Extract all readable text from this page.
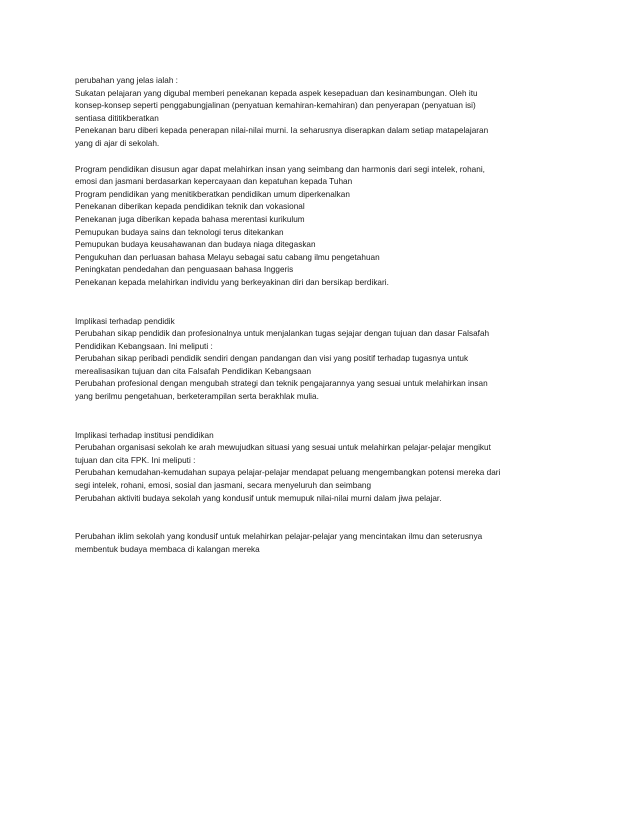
perubahan yang jelas ialah :
Sukatan pelajaran yang digubal memberi penekanan kepada aspek kesepaduan dan kesinambungan. Oleh itu
konsep-konsep seperti penggabungjalinan (penyatuan kemahiran-kemahiran) dan penyerapan (penyatuan isi)
sentiasa dititikberatkan
Penekanan baru diberi kepada penerapan nilai-nilai murni. Ia seharusnya diserapkan dalam setiap matapelajaran
yang di ajar di sekolah.
Program pendidikan disusun agar dapat melahirkan insan yang seimbang dan harmonis dari segi intelek, rohani,
emosi dan jasmani berdasarkan kepercayaan dan kepatuhan kepada Tuhan
Program pendidikan yang menitikberatkan pendidikan umum diperkenalkan
Penekanan diberikan kepada pendidikan teknik dan vokasional
Penekanan juga diberikan kepada bahasa merentasi kurikulum
Pemupukan budaya sains dan teknologi terus ditekankan
Pemupukan budaya keusahawanan dan budaya niaga ditegaskan
Pengukuhan dan perluasan bahasa Melayu sebagai satu cabang ilmu pengetahuan
Peningkatan pendedahan dan penguasaan bahasa Inggeris
Penekanan kepada melahirkan individu yang berkeyakinan diri dan bersikap berdikari.
Implikasi terhadap pendidik
Perubahan sikap pendidik dan profesionalnya untuk menjalankan tugas sejajar dengan tujuan dan dasar Falsafah
Pendidikan Kebangsaan. Ini meliputi :
Perubahan sikap peribadi pendidik sendiri dengan pandangan dan visi yang positif terhadap tugasnya untuk
merealisasikan tujuan dan cita Falsafah Pendidikan Kebangsaan
Perubahan profesional dengan mengubah strategi dan teknik pengajarannya yang sesuai untuk melahirkan insan
yang berilmu pengetahuan, berketerampilan serta berakhlak mulia.
Implikasi terhadap institusi pendidikan
Perubahan organisasi sekolah ke arah mewujudkan situasi yang sesuai untuk melahirkan pelajar-pelajar mengikut
tujuan dan cita FPK. Ini meliputi :
Perubahan kemudahan-kemudahan supaya pelajar-pelajar mendapat peluang mengembangkan potensi mereka dari
segi intelek, rohani, emosi, sosial dan jasmani, secara menyeluruh dan seimbang
Perubahan aktiviti budaya sekolah yang kondusif untuk memupuk nilai-nilai murni dalam jiwa pelajar.
Perubahan iklim sekolah yang kondusif untuk melahirkan pelajar-pelajar yang mencintakan ilmu dan seterusnya
membentuk budaya membaca di kalangan mereka
